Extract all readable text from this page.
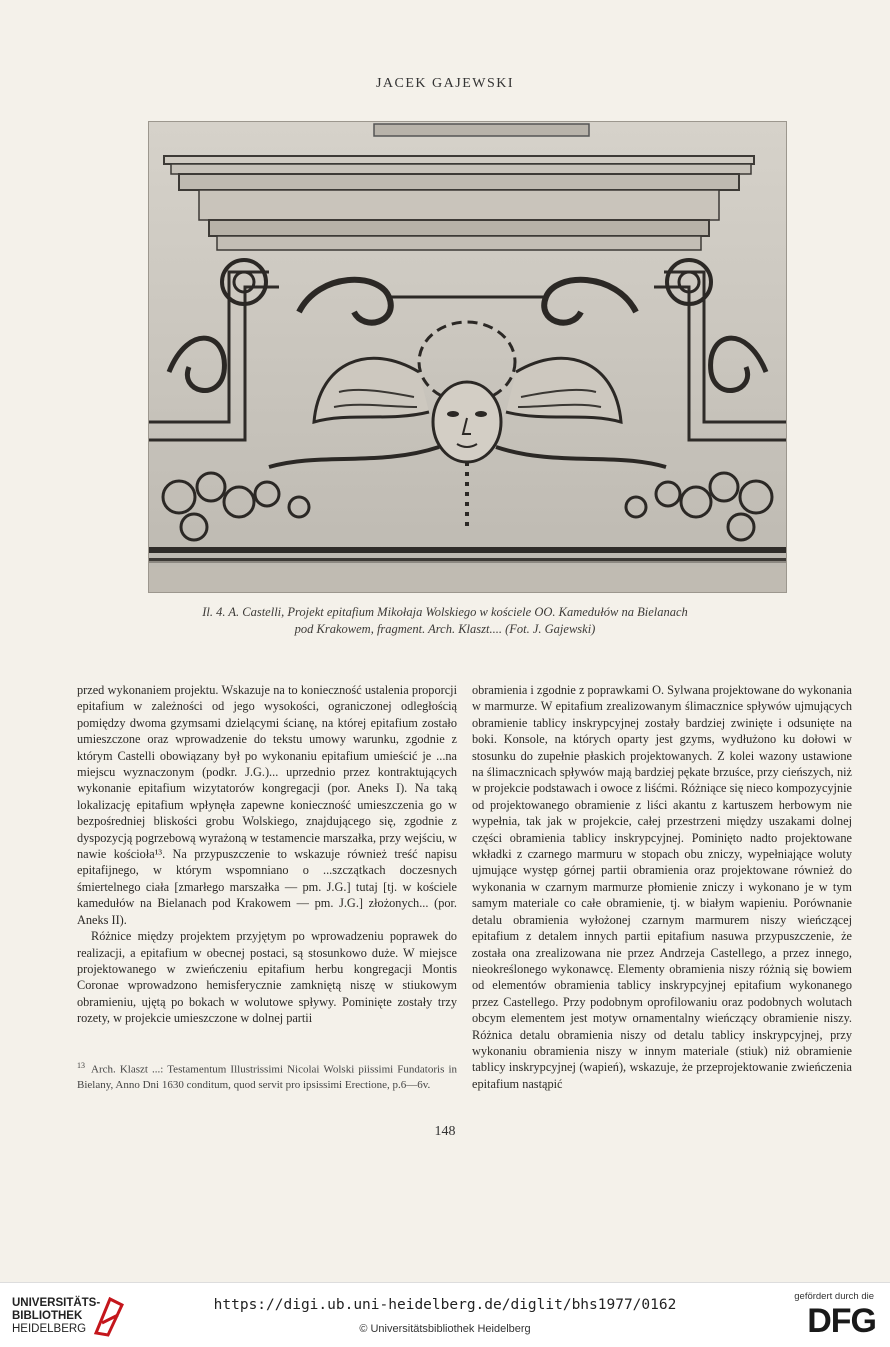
JACEK GAJEWSKI
Il. 4. A. Castelli, Projekt epitafium Mikołaja Wolskiego w kościele OO. Kamedułów na Bielanach
pod Krakowem, fragment. Arch. Klaszt.... (Fot. J. Gajewski)

przed wykonaniem projektu. Wskazuje na to konieczność ustalenia proporcji epitafium w zależności od jego wysokości, ograniczonej odległością pomiędzy dwoma gzymsami dzielącymi ścianę, na której epitafium zostało umieszczone oraz wprowadzenie do tekstu umowy warunku, zgodnie z którym Castelli obowiązany był po wykonaniu epitafium umieścić je ...na miejscu wyznaczonym (podkr. J.G.)... uprzednio przez kontraktujących wykonanie epitafium wizytatorów kongregacji (por. Aneks I). Na taką lokalizację epitafium wpłynęła zapewne konieczność umieszczenia go w bezpośredniej bliskości grobu Wolskiego, znajdującego się, zgodnie z dyspozycją pogrzebową wyrażoną w testamencie marszałka, przy wejściu, w nawie kościoła¹³. Na przypuszczenie to wskazuje również treść napisu epitafijnego, w którym wspomniano o ...szczątkach doczesnych śmiertelnego ciała [zmarłego marszałka — pm. J.G.] tutaj [tj. w kościele kamedułów na Bielanach pod Krakowem — pm. J.G.] złożonych... (por. Aneks II).

Różnice między projektem przyjętym po wprowadzeniu poprawek do realizacji, a epitafium w obecnej postaci, są stosunkowo duże. W miejsce projektowanego w zwieńczeniu epitafium herbu kongregacji Montis Coronae wprowadzono hemisferycznie zamkniętą niszę w stiukowym obramieniu, ujętą po bokach w wolutowe spływy. Pominięte zostały trzy rozety, w projekcie umieszczone w dolnej partii

obramienia i zgodnie z poprawkami O. Sylwana projektowane do wykonania w marmurze. W epitafium zrealizowanym ślimacznice spływów ujmujących obramienie tablicy inskrypcyjnej zostały bardziej zwinięte i odsunięte na boki. Konsole, na których oparty jest gzyms, wydłużono ku dołowi w stosunku do zupełnie płaskich projektowanych. Z kolei wazony ustawione na ślimacznicach spływów mają bardziej pękate brzuśce, przy cieńszych, niż w projekcie podstawach i owoce z liśćmi. Różniące się nieco kompozycyjnie od projektowanego obramienie z liści akantu z kartuszem herbowym nie wypełnia, tak jak w projekcie, całej przestrzeni między uszakami dolnej części obramienia tablicy inskrypcyjnej. Pominięto nadto projektowane wkładki z czarnego marmuru w stopach obu zniczy, wypełniające woluty ujmujące występ górnej partii obramienia oraz projektowane również do wykonania w czarnym marmurze płomienie zniczy i wykonano je w tym samym materiale co całe obramienie, tj. w białym wapieniu. Porównanie detalu obramienia wyłożonej czarnym marmurem niszy wieńczącej epitafium z detalem innych partii epitafium nasuwa przypuszczenie, że została ona zrealizowana nie przez Andrzeja Castellego, a przez innego, nieokreślonego wykonawcę. Elementy obramienia niszy różnią się bowiem od elementów obramienia tablicy inskrypcyjnej epitafium wykonanego przez Castellego. Przy podobnym oprofilowaniu oraz podobnych wolutach obcym elementem jest motyw ornamentalny wieńczący obramienie niszy. Różnica detalu obramienia niszy od detalu tablicy inskrypcyjnej, przy wykonaniu obramienia niszy w innym materiale (stiuk) niż obramienie tablicy inskrypcyjnej (wapień), wskazuje, że przeprojektowanie zwieńczenia epitafium nastąpić

$^{13}$ Arch. Klaszt ...: Testamentum Illustrissimi Nicolai Wolski piissimi Fundatoris in Bielany, Anno Dni 1630 conditum, quod servit pro ipsissimi Erectione, p.6—6v.
148
UNIVERSITÄTS-
BIBLIOTHEK
HEIDELBERG
https://digi.ub.uni-heidelberg.de/diglit/bhs1977/0162
© Universitätsbibliothek Heidelberg
gefördert durch die
DFG
